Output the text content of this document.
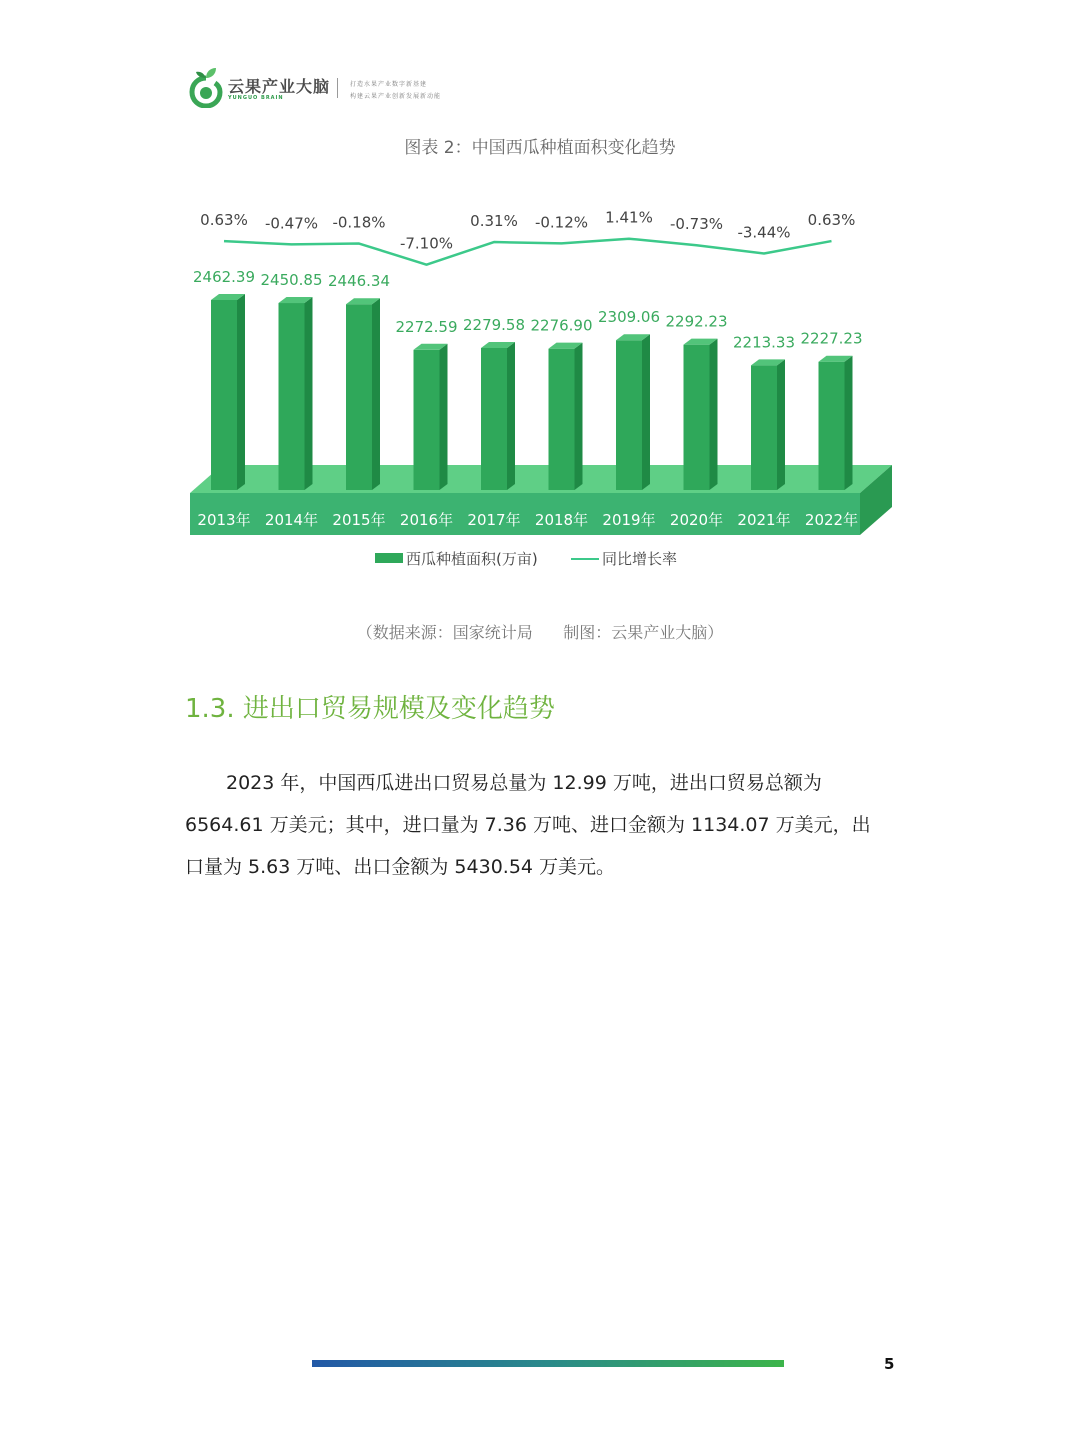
云果产业大脑
YUNGUO BRAIN
打造水果产业数字新基建
构建云果产业创新发展新动能
图表 2：中国西瓜种植面积变化趋势
2462.39 2450.85 2446.34
2272.59 2279.58 2276.90 2309.06 2292.23
2213.33 2227.23
0.63% -0.47% -0.18%
-7.10%
0.31% -0.12% 1.41% -0.73% -3.44%
0.63%
2013年 2014年 2015年 2016年 2017年 2018年 2019年 2020年 2021年 2022年
西瓜种植面积(万亩)	同比增长率
（数据来源：国家统计局      制图：云果产业大脑）
1.3. 进出口贸易规模及变化趋势
2023 年，中国西瓜进出口贸易总量为 12.99 万吨，进出口贸易总额为
6564.61 万美元；其中，进口量为 7.36 万吨、进口金额为 1134.07 万美元，出
口量为 5.63 万吨、出口金额为 5430.54 万美元。
5
